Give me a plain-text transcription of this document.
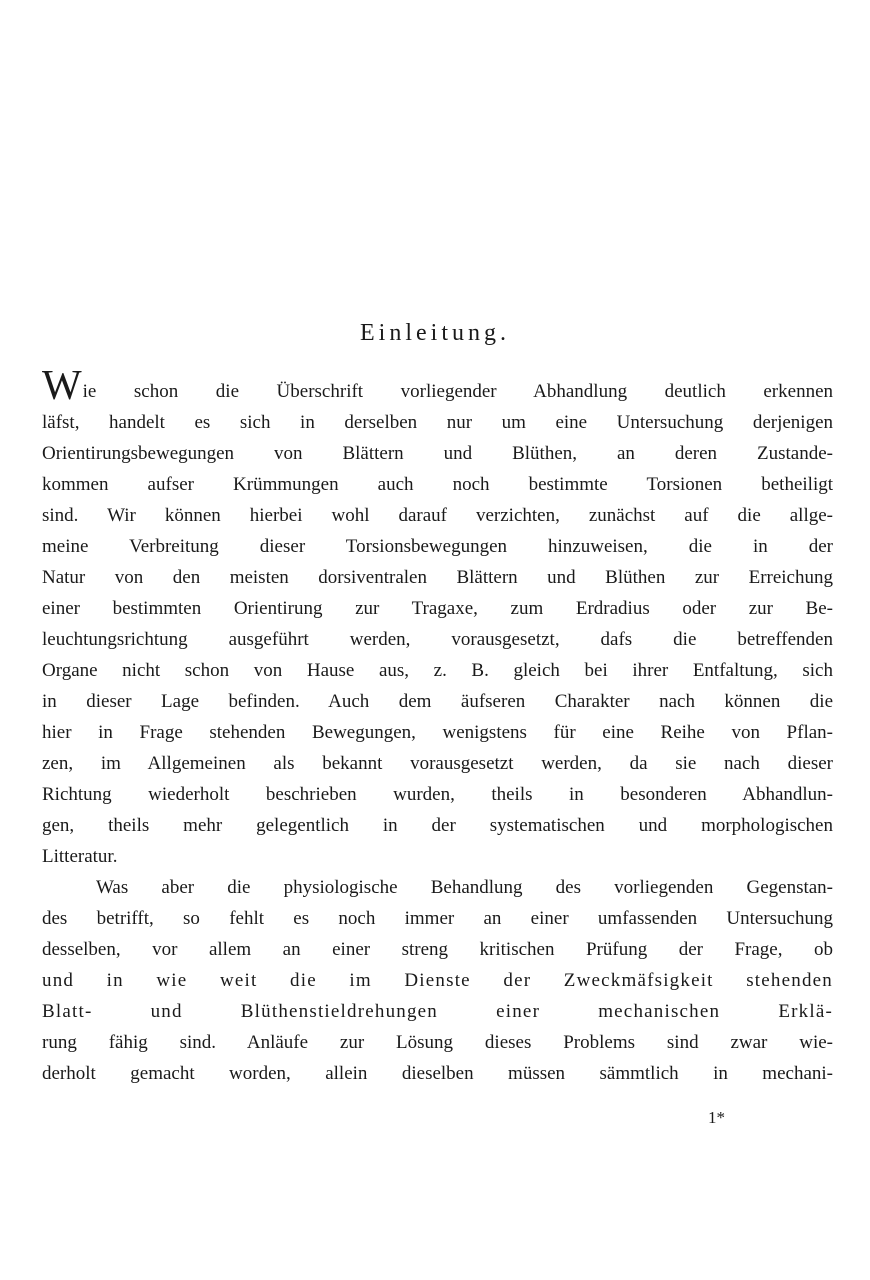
Einleitung.
Wie schon die Überschrift vorliegender Abhandlung deutlich erkennen
läfst, handelt es sich in derselben nur um eine Untersuchung derjenigen
Orientirungsbewegungen von Blättern und Blüthen, an deren Zustande-
kommen aufser Krümmungen auch noch bestimmte Torsionen betheiligt
sind. Wir können hierbei wohl darauf verzichten, zunächst auf die allge-
meine Verbreitung dieser Torsionsbewegungen hinzuweisen, die in der
Natur von den meisten dorsiventralen Blättern und Blüthen zur Erreichung
einer bestimmten Orientirung zur Tragaxe, zum Erdradius oder zur Be-
leuchtungsrichtung ausgeführt werden, vorausgesetzt, dafs die betreffenden
Organe nicht schon von Hause aus, z. B. gleich bei ihrer Entfaltung, sich
in dieser Lage befinden. Auch dem äufseren Charakter nach können die
hier in Frage stehenden Bewegungen, wenigstens für eine Reihe von Pflan-
zen, im Allgemeinen als bekannt vorausgesetzt werden, da sie nach dieser
Richtung wiederholt beschrieben wurden, theils in besonderen Abhandlun-
gen, theils mehr gelegentlich in der systematischen und morphologischen
Litteratur.
Was aber die physiologische Behandlung des vorliegenden Gegenstan-
des betrifft, so fehlt es noch immer an einer umfassenden Untersuchung
desselben, vor allem an einer streng kritischen Prüfung der Frage, ob
und in wie weit die im Dienste der Zweckmäfsigkeit stehenden
Blatt- und Blüthenstieldrehungen einer mechanischen Erklä-
rung fähig sind. Anläufe zur Lösung dieses Problems sind zwar wie-
derholt gemacht worden, allein dieselben müssen sämmtlich in mechani-
1*
